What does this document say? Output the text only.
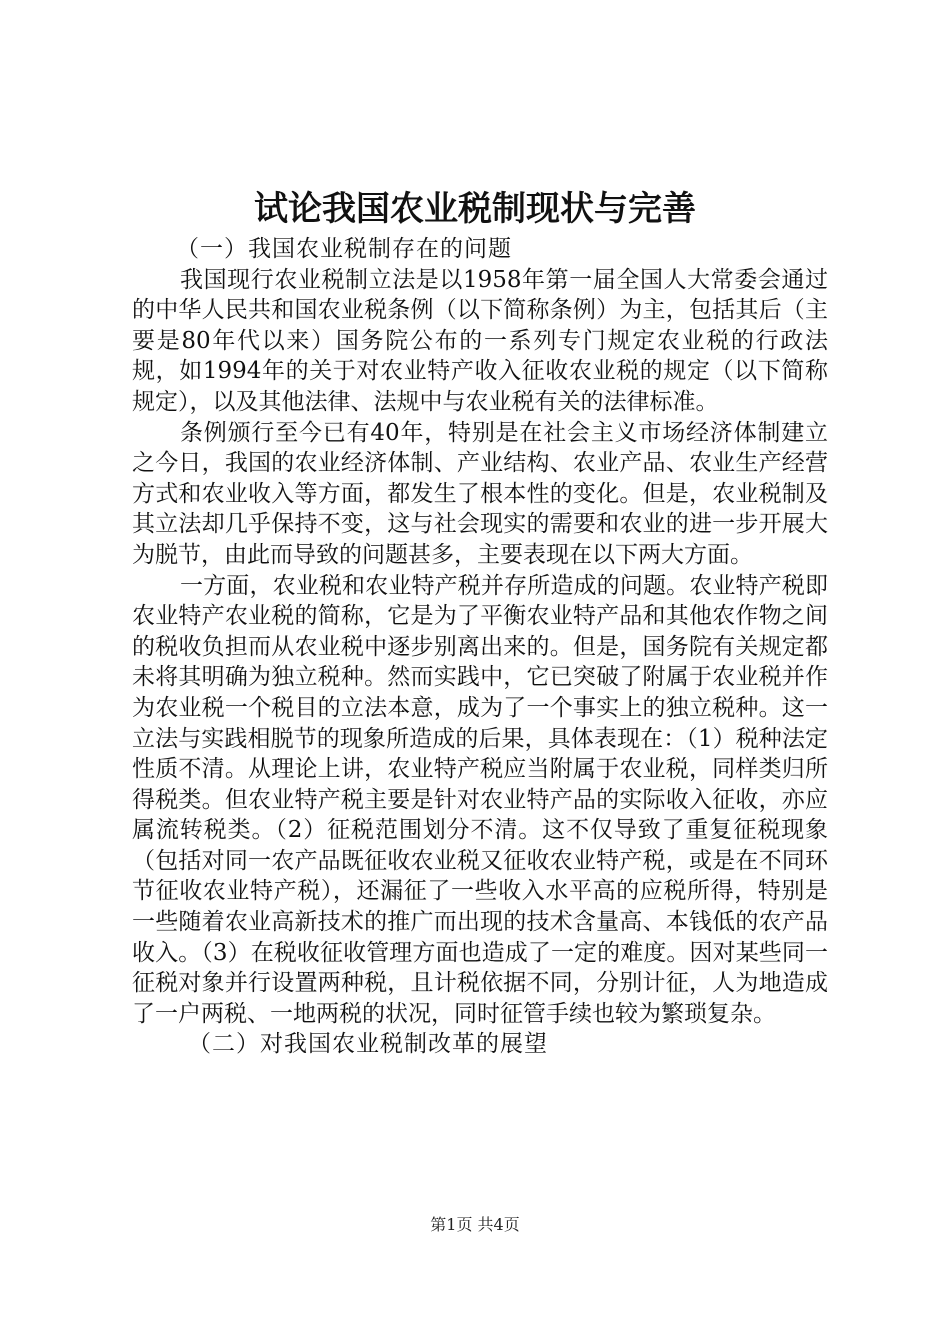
试论我国农业税制现状与完善

（一）我国农业税制存在的问题

我国现行农业税制立法是以1958年第一届全国人大常委会通过的中华人民共和国农业税条例（以下简称条例）为主，包括其后（主要是80年代以来）国务院公布的一系列专门规定农业税的行政法规，如1994年的关于对农业特产收入征收农业税的规定（以下简称规定），以及其他法律、法规中与农业税有关的法律标准。

条例颁行至今已有40年，特别是在社会主义市场经济体制建立之今日，我国的农业经济体制、产业结构、农业产品、农业生产经营方式和农业收入等方面，都发生了根本性的变化。但是，农业税制及其立法却几乎保持不变，这与社会现实的需要和农业的进一步开展大为脱节，由此而导致的问题甚多，主要表现在以下两大方面。

一方面，农业税和农业特产税并存所造成的问题。农业特产税即农业特产农业税的简称，它是为了平衡农业特产品和其他农作物之间的税收负担而从农业税中逐步别离出来的。但是，国务院有关规定都未将其明确为独立税种。然而实践中，它已突破了附属于农业税并作为农业税一个税目的立法本意，成为了一个事实上的独立税种。这一立法与实践相脱节的现象所造成的后果，具体表现在：（1）税种法定性质不清。从理论上讲，农业特产税应当附属于农业税，同样类归所得税类。但农业特产税主要是针对农业特产品的实际收入征收，亦应属流转税类。（2）征税范围划分不清。这不仅导致了重复征税现象（包括对同一农产品既征收农业税又征收农业特产税，或是在不同环节征收农业特产税），还漏征了一些收入水平高的应税所得，特别是一些随着农业高新技术的推广而出现的技术含量高、本钱低的农产品收入。（3）在税收征收管理方面也造成了一定的难度。因对某些同一征税对象并行设置两种税，且计税依据不同，分别计征，人为地造成了一户两税、一地两税的状况，同时征管手续也较为繁琐复杂。

（二）对我国农业税制改革的展望

第1页 共4页
